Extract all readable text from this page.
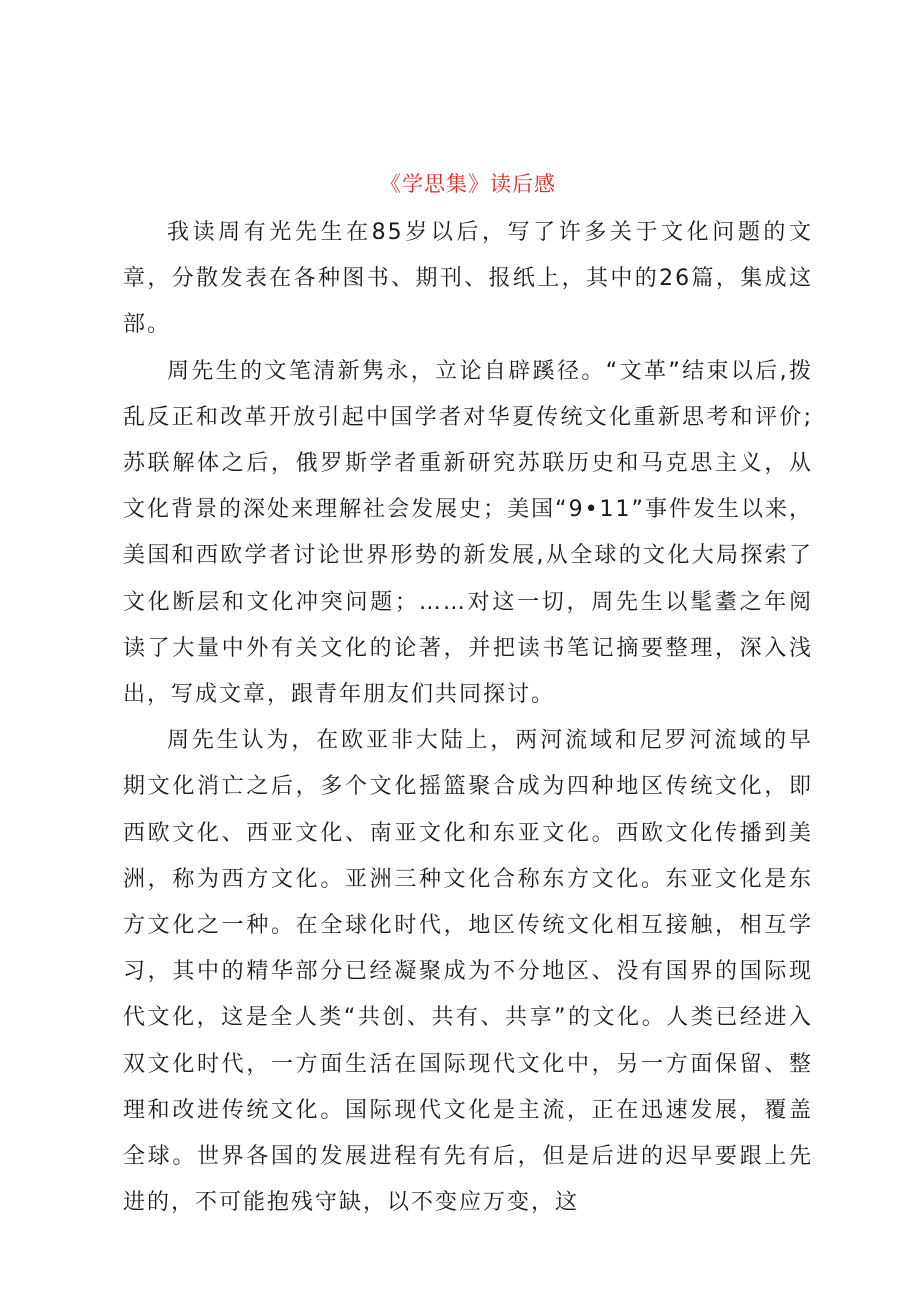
《学思集》读后感

我读周有光先生在85岁以后，写了许多关于文化问题的文章，分散发表在各种图书、期刊、报纸上，其中的26篇，集成这部。

周先生的文笔清新隽永，立论自辟蹊径。“文革”结束以后,拨乱反正和改革开放引起中国学者对华夏传统文化重新思考和评价;苏联解体之后，俄罗斯学者重新研究苏联历史和马克思主义，从文化背景的深处来理解社会发展史；美国“9•11”事件发生以来，美国和西欧学者讨论世界形势的新发展,从全球的文化大局探索了文化断层和文化冲突问题；……对这一切，周先生以髦耋之年阅读了大量中外有关文化的论著，并把读书笔记摘要整理，深入浅出，写成文章，跟青年朋友们共同探讨。

周先生认为，在欧亚非大陆上，两河流域和尼罗河流域的早期文化消亡之后，多个文化摇篮聚合成为四种地区传统文化，即西欧文化、西亚文化、南亚文化和东亚文化。西欧文化传播到美洲，称为西方文化。亚洲三种文化合称东方文化。东亚文化是东方文化之一种。在全球化时代，地区传统文化相互接触，相互学习，其中的精华部分已经凝聚成为不分地区、没有国界的国际现代文化，这是全人类“共创、共有、共享”的文化。人类已经进入双文化时代，一方面生活在国际现代文化中，另一方面保留、整理和改进传统文化。国际现代文化是主流，正在迅速发展，覆盖全球。世界各国的发展进程有先有后，但是后进的迟早要跟上先进的，不可能抱残守缺，以不变应万变，这
